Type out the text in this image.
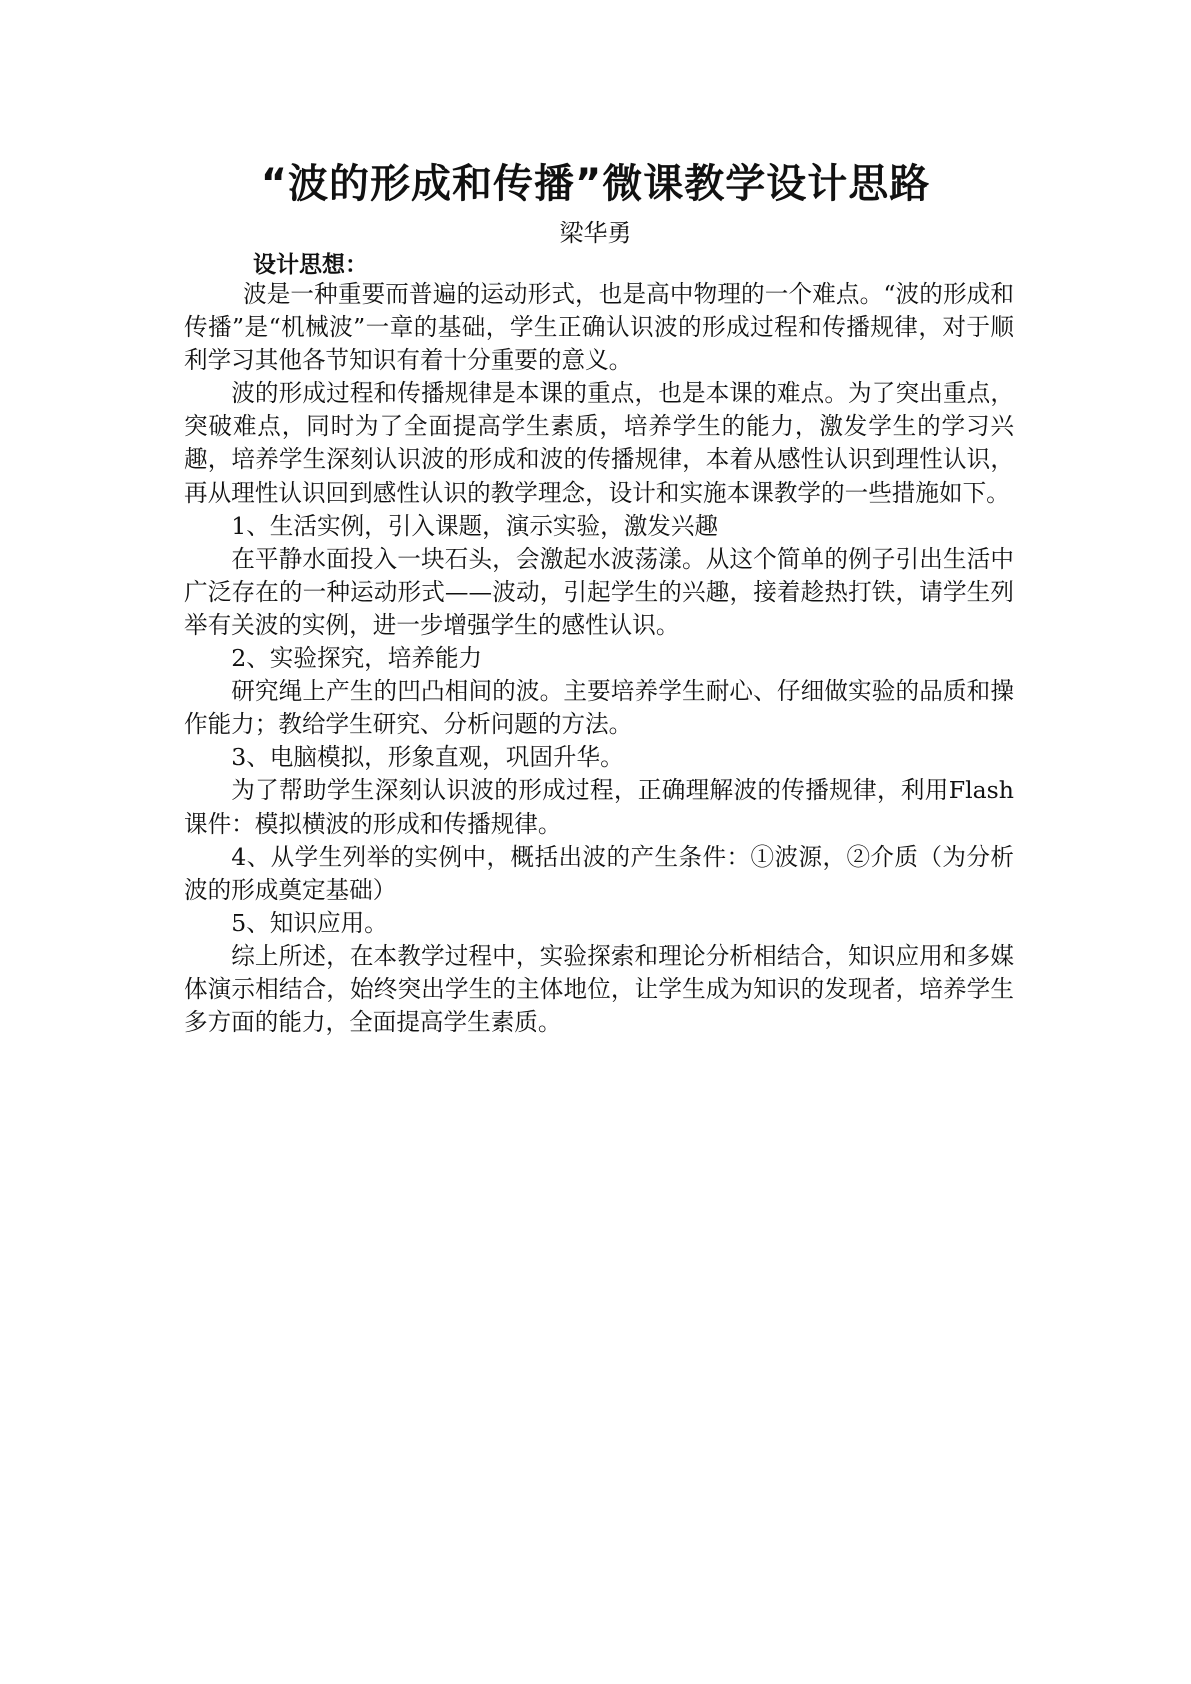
“波的形成和传播”微课教学设计思路
梁华勇
设计思想：

波是一种重要而普遍的运动形式，也是高中物理的一个难点。“波的形成和传播”是“机械波”一章的基础，学生正确认识波的形成过程和传播规律，对于顺利学习其他各节知识有着十分重要的意义。

波的形成过程和传播规律是本课的重点，也是本课的难点。为了突出重点，突破难点，同时为了全面提高学生素质，培养学生的能力，激发学生的学习兴趣，培养学生深刻认识波的形成和波的传播规律，本着从感性认识到理性认识，再从理性认识回到感性认识的教学理念，设计和实施本课教学的一些措施如下。

1、生活实例，引入课题，演示实验，激发兴趣

在平静水面投入一块石头，会激起水波荡漾。从这个简单的例子引出生活中广泛存在的一种运动形式——波动，引起学生的兴趣，接着趁热打铁，请学生列举有关波的实例，进一步增强学生的感性认识。

2、实验探究，培养能力

研究绳上产生的凹凸相间的波。主要培养学生耐心、仔细做实验的品质和操作能力；教给学生研究、分析问题的方法。

3、电脑模拟，形象直观，巩固升华。

为了帮助学生深刻认识波的形成过程，正确理解波的传播规律，利用Flash课件：模拟横波的形成和传播规律。

4、从学生列举的实例中，概括出波的产生条件：①波源，②介质（为分析波的形成奠定基础）

5、知识应用。

综上所述，在本教学过程中，实验探索和理论分析相结合，知识应用和多媒体演示相结合，始终突出学生的主体地位，让学生成为知识的发现者，培养学生多方面的能力，全面提高学生素质。
